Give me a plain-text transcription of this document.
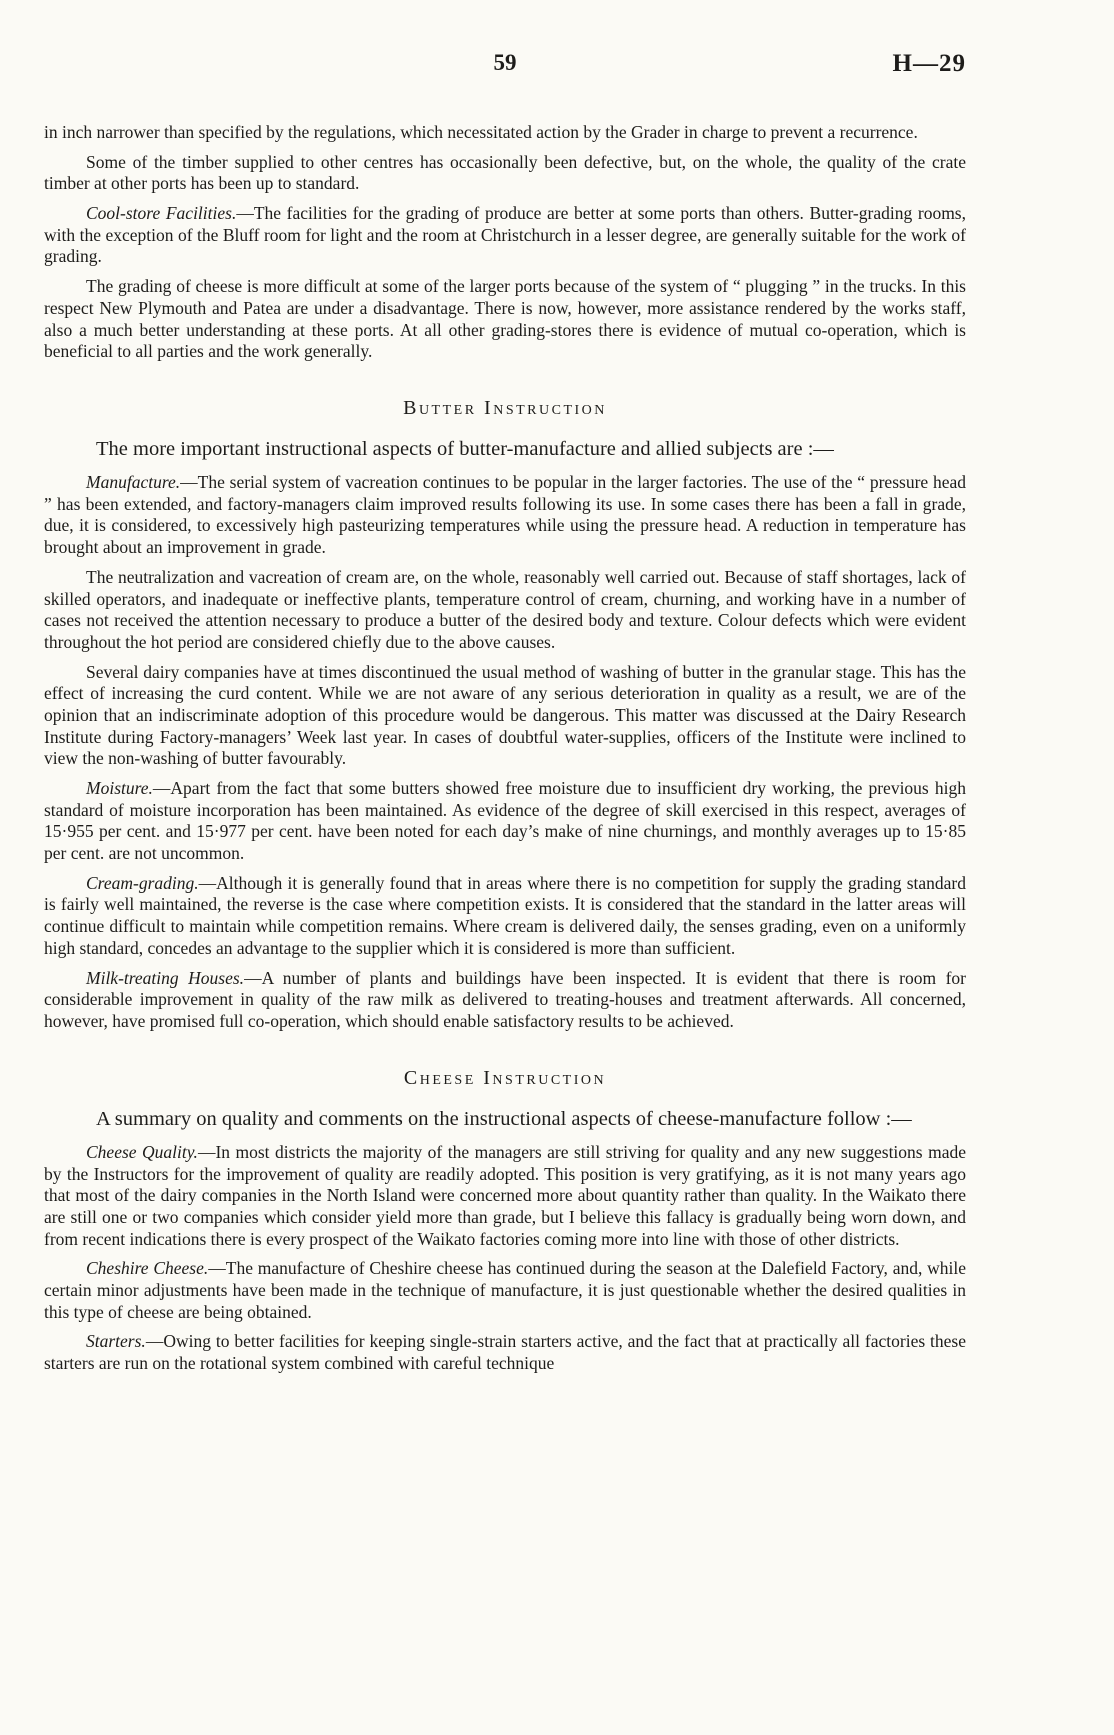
59	H—29

in inch narrower than specified by the regulations, which necessitated action by the Grader in charge to prevent a recurrence.

Some of the timber supplied to other centres has occasionally been defective, but, on the whole, the quality of the crate timber at other ports has been up to standard.

Cool-store Facilities.—The facilities for the grading of produce are better at some ports than others. Butter-grading rooms, with the exception of the Bluff room for light and the room at Christchurch in a lesser degree, are generally suitable for the work of grading.

The grading of cheese is more difficult at some of the larger ports because of the system of “ plugging ” in the trucks. In this respect New Plymouth and Patea are under a disadvantage. There is now, however, more assistance rendered by the works staff, also a much better understanding at these ports. At all other grading-stores there is evidence of mutual co-operation, which is beneficial to all parties and the work generally.

Butter Instruction

The more important instructional aspects of butter-manufacture and allied subjects are :—

Manufacture.—The serial system of vacreation continues to be popular in the larger factories. The use of the “ pressure head ” has been extended, and factory-managers claim improved results following its use. In some cases there has been a fall in grade, due, it is considered, to excessively high pasteurizing temperatures while using the pressure head. A reduction in temperature has brought about an improvement in grade.

The neutralization and vacreation of cream are, on the whole, reasonably well carried out. Because of staff shortages, lack of skilled operators, and inadequate or ineffective plants, temperature control of cream, churning, and working have in a number of cases not received the attention necessary to produce a butter of the desired body and texture. Colour defects which were evident throughout the hot period are considered chiefly due to the above causes.

Several dairy companies have at times discontinued the usual method of washing of butter in the granular stage. This has the effect of increasing the curd content. While we are not aware of any serious deterioration in quality as a result, we are of the opinion that an indiscriminate adoption of this procedure would be dangerous. This matter was discussed at the Dairy Research Institute during Factory-managers’ Week last year. In cases of doubtful water-supplies, officers of the Institute were inclined to view the non-washing of butter favourably.

Moisture.—Apart from the fact that some butters showed free moisture due to insufficient dry working, the previous high standard of moisture incorporation has been maintained. As evidence of the degree of skill exercised in this respect, averages of 15·955 per cent. and 15·977 per cent. have been noted for each day’s make of nine churnings, and monthly averages up to 15·85 per cent. are not uncommon.

Cream-grading.—Although it is generally found that in areas where there is no competition for supply the grading standard is fairly well maintained, the reverse is the case where competition exists. It is considered that the standard in the latter areas will continue difficult to maintain while competition remains. Where cream is delivered daily, the senses grading, even on a uniformly high standard, concedes an advantage to the supplier which it is considered is more than sufficient.

Milk-treating Houses.—A number of plants and buildings have been inspected. It is evident that there is room for considerable improvement in quality of the raw milk as delivered to treating-houses and treatment afterwards. All concerned, however, have promised full co-operation, which should enable satisfactory results to be achieved.

Cheese Instruction

A summary on quality and comments on the instructional aspects of cheese-manufacture follow :—

Cheese Quality.—In most districts the majority of the managers are still striving for quality and any new suggestions made by the Instructors for the improvement of quality are readily adopted. This position is very gratifying, as it is not many years ago that most of the dairy companies in the North Island were concerned more about quantity rather than quality. In the Waikato there are still one or two companies which consider yield more than grade, but I believe this fallacy is gradually being worn down, and from recent indications there is every prospect of the Waikato factories coming more into line with those of other districts.

Cheshire Cheese.—The manufacture of Cheshire cheese has continued during the season at the Dalefield Factory, and, while certain minor adjustments have been made in the technique of manufacture, it is just questionable whether the desired qualities in this type of cheese are being obtained.

Starters.—Owing to better facilities for keeping single-strain starters active, and the fact that at practically all factories these starters are run on the rotational system combined with careful technique
